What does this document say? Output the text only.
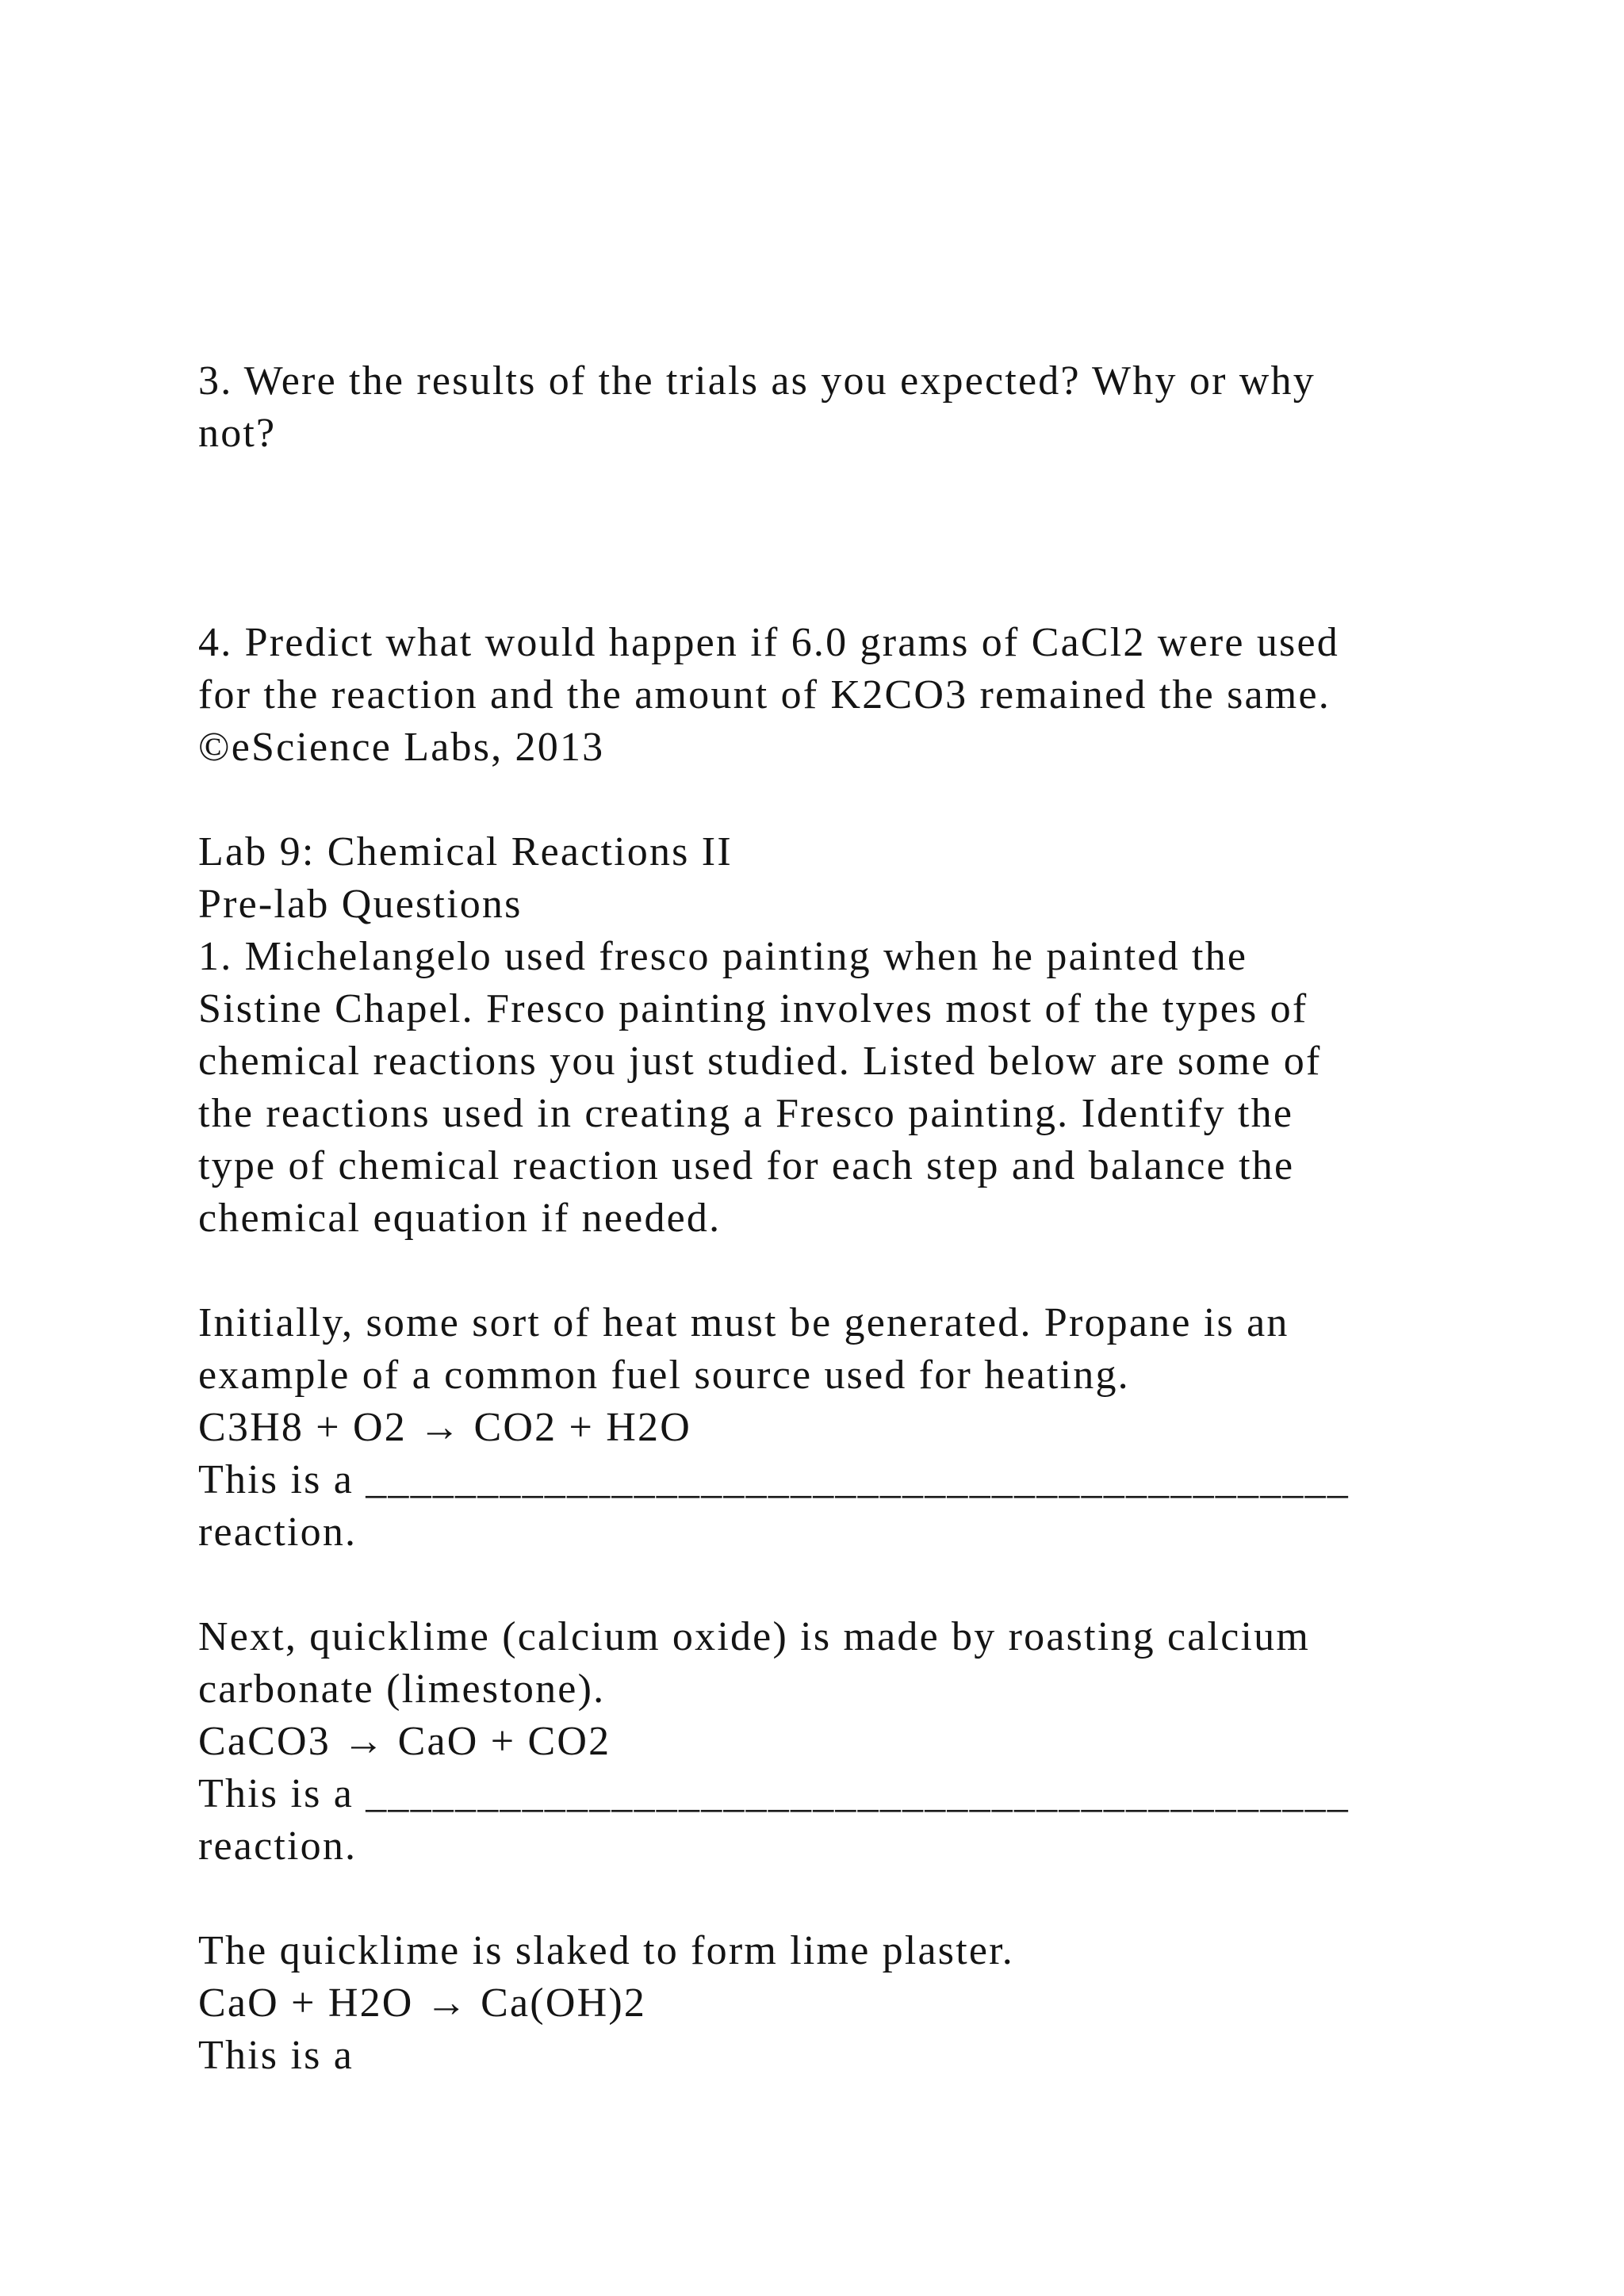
3. Were the results of the trials as you expected? Why or why

not?

4. Predict what would happen if 6.0 grams of CaCl2 were used

for the reaction and the amount of K2CO3 remained the same.

©eScience Labs, 2013

Lab 9: Chemical Reactions II

Pre-lab Questions

1. Michelangelo used fresco painting when he painted the

Sistine Chapel. Fresco painting involves most of the types of

chemical reactions you just studied. Listed below are some of

the reactions used in creating a Fresco painting. Identify the

type of chemical reaction used for each step and balance the

chemical equation if needed.

Initially, some sort of heat must be generated. Propane is an

example of a common fuel source used for heating.

C3H8 + O2 → CO2 + H2O

This is a ____________________________________________

reaction.

Next, quicklime (calcium oxide) is made by roasting calcium

carbonate (limestone).

CaCO3 → CaO + CO2

This is a ____________________________________________

reaction.

The quicklime is slaked to form lime plaster.

CaO + H2O → Ca(OH)2

This is a
